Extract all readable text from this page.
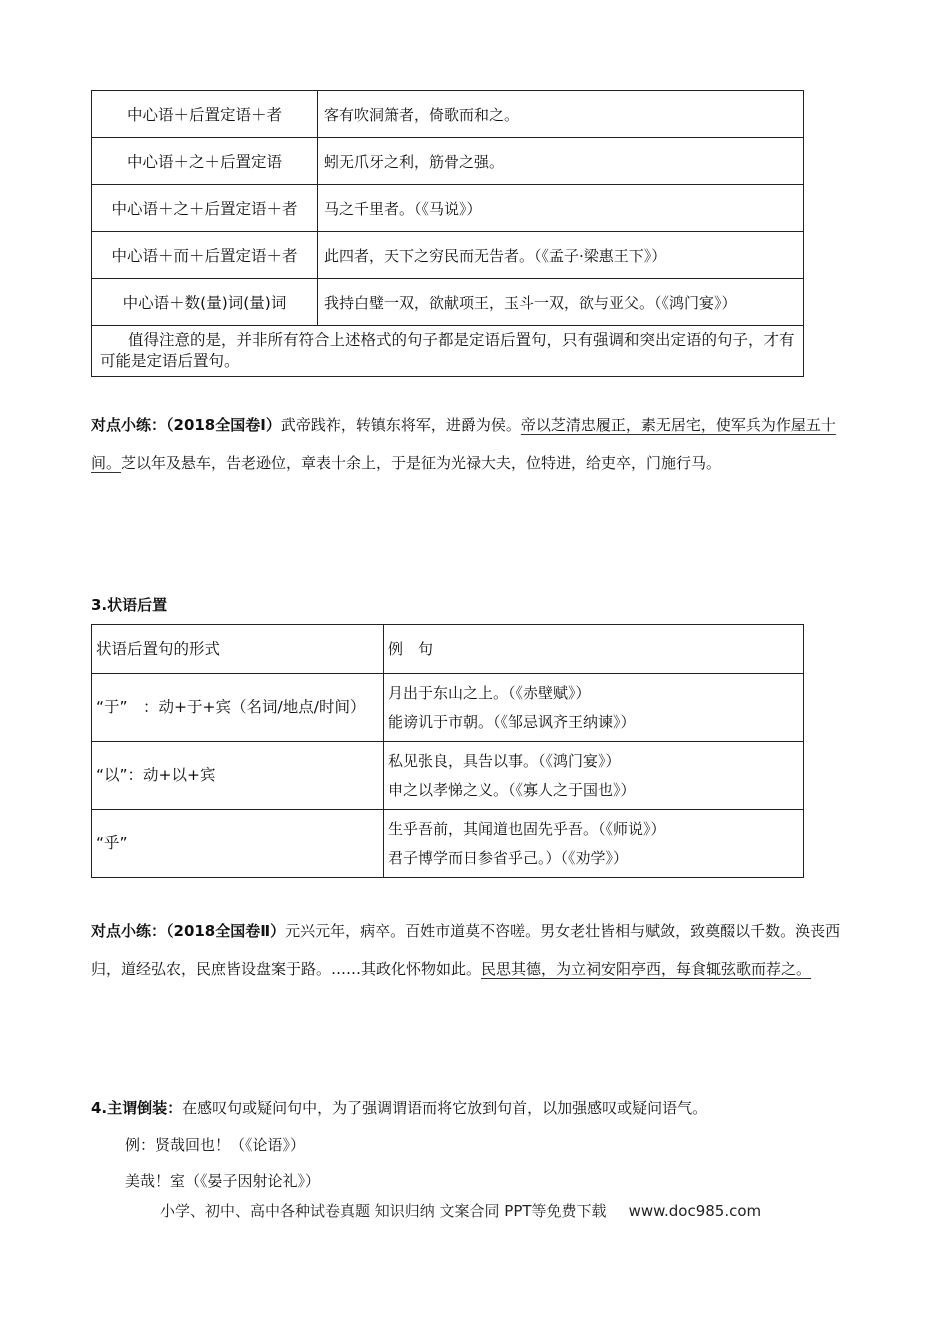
中心语＋后置定语＋者	客有吹洞箫者，倚歌而和之。
中心语＋之＋后置定语	蚓无爪牙之利，筋骨之强。
中心语＋之＋后置定语＋者	马之千里者。（《马说》）
中心语＋而＋后置定语＋者	此四者，天下之穷民而无告者。（《孟子·梁惠王下》）
中心语＋数(量)词(量)词	我持白璧一双，欲献项王，玉斗一双，欲与亚父。（《鸿门宴》）
值得注意的是，并非所有符合上述格式的句子都是定语后置句，只有强调和突出定语的句子，才有可能是定语后置句。	
对点小练：（2018全国卷Ⅰ）武帝践祚，转镇东将军，进爵为侯。帝以芝清忠履正，素无居宅，使军兵为作屋五十间。芝以年及悬车，告老逊位，章表十余上，于是征为光禄大夫，位特进，给吏卒，门施行马。
3.状语后置
状语后置句的形式	例　句
“于”　：动+于+宾（名词/地点/时间）	月出于东山之上。（《赤壁赋》）
能谤讥于市朝。（《邹忌讽齐王纳谏》）

“以”：动+以+宾	私见张良，具告以事。（《鸿门宴》）
申之以孝悌之义。（《寡人之于国也》）

“乎”	生乎吾前，其闻道也固先乎吾。（《师说》）
君子博学而日参省乎己。）（《劝学》）
对点小练：（2018全国卷Ⅱ）元兴元年，病卒。百姓市道莫不咨嗟。男女老壮皆相与赋敛，致奠醊以千数。涣丧西归，道经弘农，民庶皆设盘案于路。……其政化怀物如此。民思其德，为立祠安阳亭西，每食辄弦歌而荐之。
4.主谓倒装：在感叹句或疑问句中，为了强调谓语而将它放到句首，以加强感叹或疑问语气。
例：贤哉回也！（《论语》）
美哉！室（《晏子因射论礼》）
小学、初中、高中各种试卷真题 知识归纳 文案合同 PPT等免费下载 www.doc985.com
